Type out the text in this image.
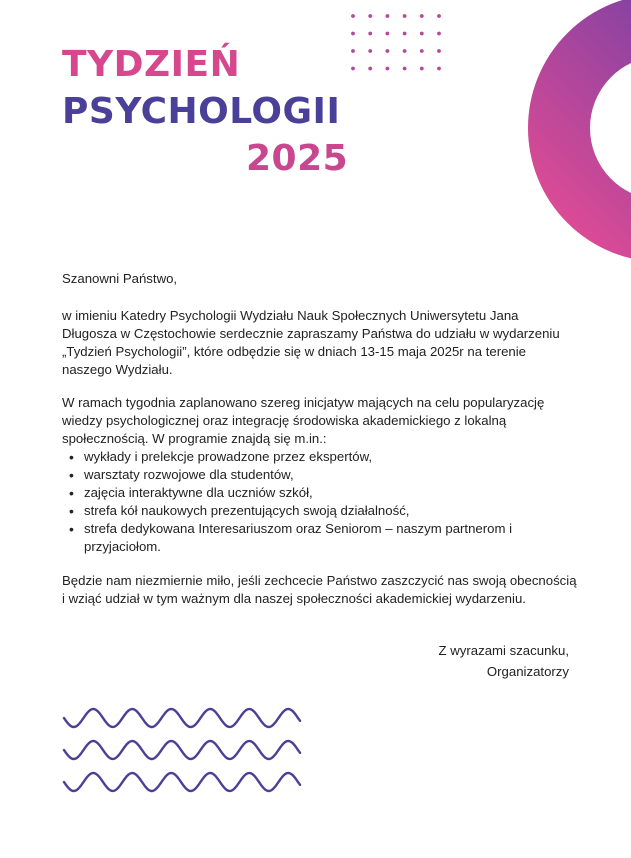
TYDZIEŃ
PSYCHOLOGII
2025

Szanowni Państwo,

w imieniu Katedry Psychologii Wydziału Nauk Społecznych Uniwersytetu Jana Długosza w Częstochowie serdecznie zapraszamy Państwa do udziału w wydarzeniu „Tydzień Psychologii”, które odbędzie się w dniach 13-15 maja 2025r na terenie naszego Wydziału.

W ramach tygodnia zaplanowano szereg inicjatyw mających na celu popularyzację wiedzy psychologicznej oraz integrację środowiska akademickiego z lokalną społecznością. W programie znajdą się m.in.:

• wykłady i prelekcje prowadzone przez ekspertów,
• warsztaty rozwojowe dla studentów,
• zajęcia interaktywne dla uczniów szkół,
• strefa kół naukowych prezentujących swoją działalność,
• strefa dedykowana Interesariuszom oraz Seniorom – naszym partnerom i przyjaciołom.

Będzie nam niezmiernie miło, jeśli zechcecie Państwo zaszczycić nas swoją obecnością i wziąć udział w tym ważnym dla naszej społeczności akademickiej wydarzeniu.

Z wyrazami szacunku,
Organizatorzy
